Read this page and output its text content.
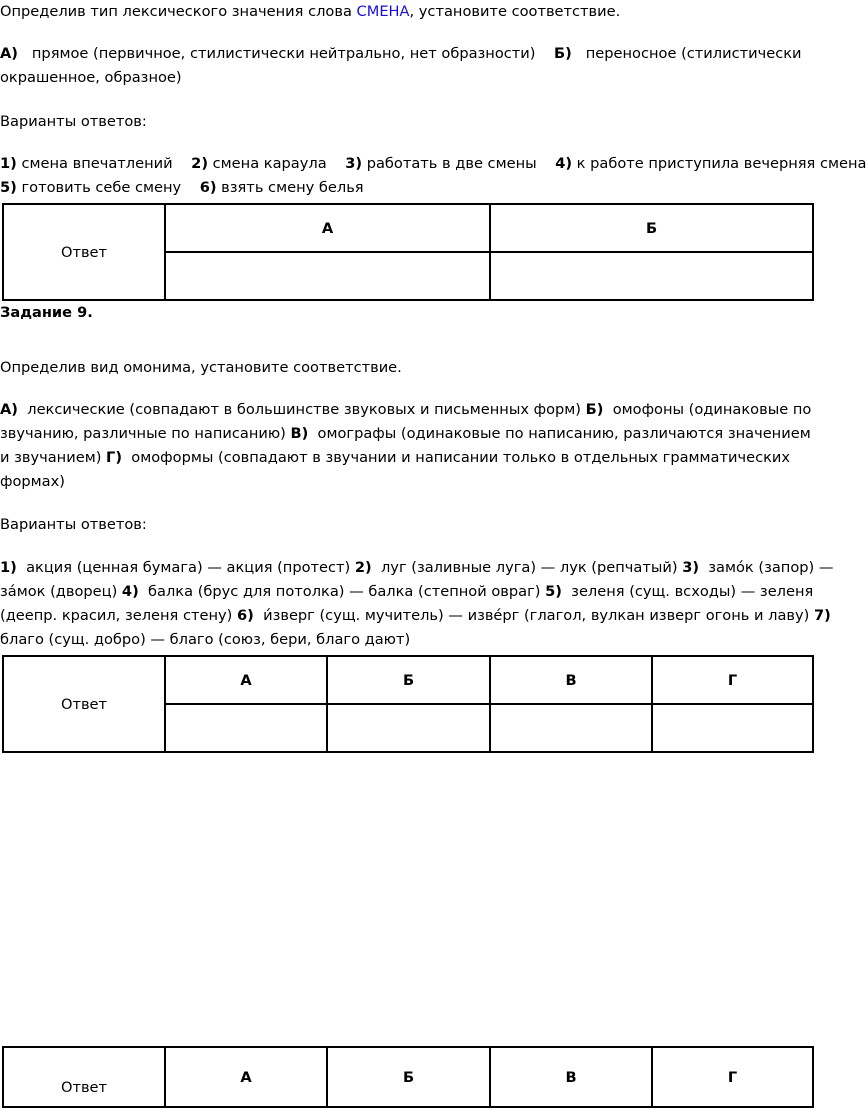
Определив тип лексического значения слова СМЕНА, установите соответствие.

А) прямое (первичное, стилистически нейтрально, нет образности) Б) переносное (стилистически

окрашенное, образное)

Варианты ответов:

1) смена впечатлений 2) смена караула 3) работать в две смены 4) к работе приступила вечерняя смена

5) готовить себе смену 6) взять смену белья

Ответ	А	Б

Задание 9.

Определив вид омонима, установите соответствие.

А)  лексические (совпадают в большинстве звуковых и письменных форм) Б)  омофоны (одинаковые по

звучанию, различные по написанию) В)  омографы (одинаковые по написанию, различаются значением

и звучанием) Г)  омоформы (совпадают в звучании и написании только в отдельных грамматических

формах)

Варианты ответов:

1)  акция (ценная бумага) — акция (протест) 2)  луг (заливные луга) — лук (репчатый) 3)  замóк (запор) —

зáмок (дворец) 4)  балка (брус для потолка) — балка (степной овраг) 5)  зеленя (сущ. всходы) — зеленя

(деепр. красил, зеленя стену) 6)  и́зверг (сущ. мучитель) — изве́рг (глагол, вулкан изверг огонь и лаву) 7)

благо (сущ. добро) — благо (союз, бери, благо дают)

Ответ	А	Б	В	Г

Ответ	А	Б	В	Г
